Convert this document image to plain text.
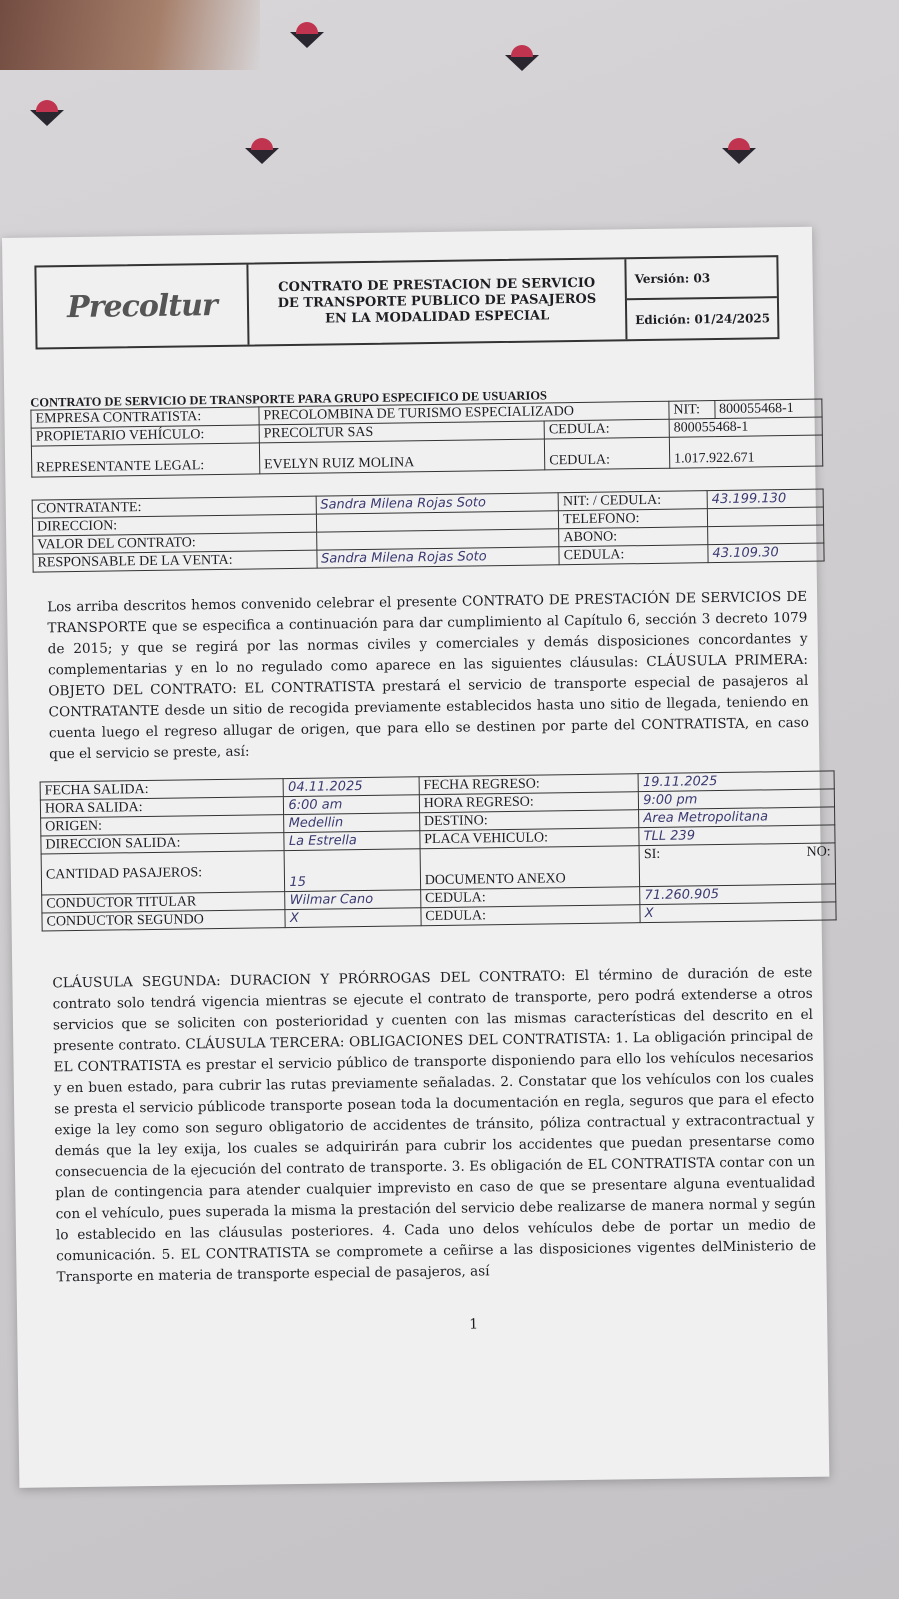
Precoltur
CONTRATO DE PRESTACION DE SERVICIO
DE TRANSPORTE PUBLICO DE PASAJEROS
EN LA MODALIDAD ESPECIAL
Versión: 03
Edición: 01/24/2025
CONTRATO DE SERVICIO DE TRANSPORTE PARA GRUPO ESPECIFICO DE USUARIOS
EMPRESA CONTRATISTA:	PRECOLOMBINA DE TURISMO ESPECIALIZADO		NIT:	800055468-1
PROPIETARIO VEHÍCULO:	PRECOLTUR SAS	CEDULA:	800055468-1	
REPRESENTANTE LEGAL:	EVELYN RUIZ MOLINA	CEDULA:	1.017.922.671	
CONTRATANTE:	Sandra Milena Rojas Soto	NIT: / CEDULA:	43.199.130
DIRECCION:		TELEFONO:	
VALOR DEL CONTRATO:		ABONO:	
RESPONSABLE DE LA VENTA:	Sandra Milena Rojas Soto	CEDULA:	43.109.30
Los arriba descritos hemos convenido celebrar el presente CONTRATO DE PRESTACIÓN DE SERVICIOS DE TRANSPORTE que se especifica a continuación para dar cumplimiento al Capítulo 6, sección 3 decreto 1079 de 2015; y que se regirá por las normas civiles y comerciales y demás disposiciones concordantes y complementarias y en lo no regulado como aparece en las siguientes cláusulas: CLÁUSULA PRIMERA: OBJETO DEL CONTRATO: EL CONTRATISTA prestará el servicio de transporte especial de pasajeros al CONTRATANTE desde un sitio de recogida previamente establecidos hasta uno sitio de llegada, teniendo en cuenta luego el regreso allugar de origen, que para ello se destinen por parte del CONTRATISTA, en caso que el servicio se preste, así:
FECHA SALIDA:	04.11.2025	FECHA REGRESO:	19.11.2025
HORA SALIDA:	6:00 am	HORA REGRESO:	9:00 pm
ORIGEN:	Medellin	DESTINO:	Area Metropolitana
DIRECCION SALIDA:	La Estrella	PLACA VEHICULO:	TLL 239
CANTIDAD PASAJEROS:	15	DOCUMENTO ANEXO	SI: NO:

CONDUCTOR TITULAR	Wilmar Cano	CEDULA:	71.260.905
CONDUCTOR SEGUNDO	X	CEDULA:	X
CLÁUSULA SEGUNDA: DURACION Y PRÓRROGAS DEL CONTRATO: El término de duración de este contrato solo tendrá vigencia mientras se ejecute el contrato de transporte, pero podrá extenderse a otros servicios que se soliciten con posterioridad y cuenten con las mismas características del descrito en el presente contrato. CLÁUSULA TERCERA: OBLIGACIONES DEL CONTRATISTA: 1. La obligación principal de EL CONTRATISTA es prestar el servicio público de transporte disponiendo para ello los vehículos necesarios y en buen estado, para cubrir las rutas previamente señaladas. 2. Constatar que los vehículos con los cuales se presta el servicio públicode transporte posean toda la documentación en regla, seguros que para el efecto exige la ley como son seguro obligatorio de accidentes de tránsito, póliza contractual y extracontractual y demás que la ley exija, los cuales se adquirirán para cubrir los accidentes que puedan presentarse como consecuencia de la ejecución del contrato de transporte. 3. Es obligación de EL CONTRATISTA contar con un plan de contingencia para atender cualquier imprevisto en caso de que se presentare alguna eventualidad con el vehículo, pues superada la misma la prestación del servicio debe realizarse de manera normal y según lo establecido en las cláusulas posteriores. 4. Cada uno delos vehículos debe de portar un medio de comunicación. 5. EL CONTRATISTA se compromete a ceñirse a las disposiciones vigentes delMinisterio de Transporte en materia de transporte especial de pasajeros, así
1
